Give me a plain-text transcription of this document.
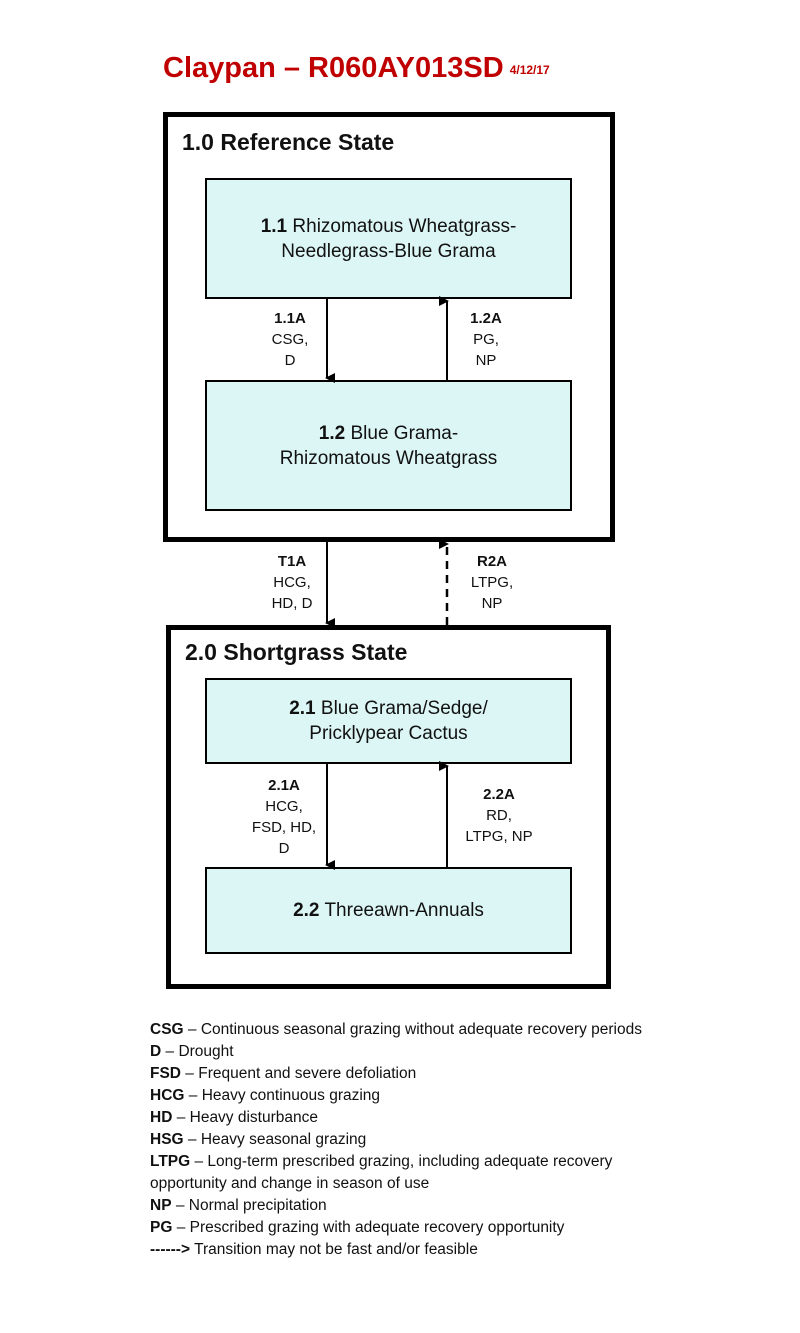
Claypan – R060AY013SD 4/12/17
1.0 Reference State
1.1 Rhizomatous Wheatgrass-
Needlegrass-Blue Grama
1.2 Blue Grama-
Rhizomatous Wheatgrass
2.0 Shortgrass State
2.1 Blue Grama/Sedge/
Pricklypear Cactus
2.2 Threeawn-Annuals
1.1A
CSG,
D
1.2A
PG,
NP
T1A
HCG,
HD, D
R2A
LTPG,
NP
2.1A
HCG,
FSD, HD,
D
2.2A
RD,
LTPG, NP
CSG – Continuous seasonal grazing without adequate recovery periods
D – Drought
FSD – Frequent and severe defoliation
HCG – Heavy continuous grazing
HD – Heavy disturbance
HSG – Heavy seasonal grazing
LTPG – Long-term prescribed grazing, including adequate recovery opportunity and change in season of use
NP – Normal precipitation
PG – Prescribed grazing with adequate recovery opportunity
------> Transition may not be fast and/or feasible
